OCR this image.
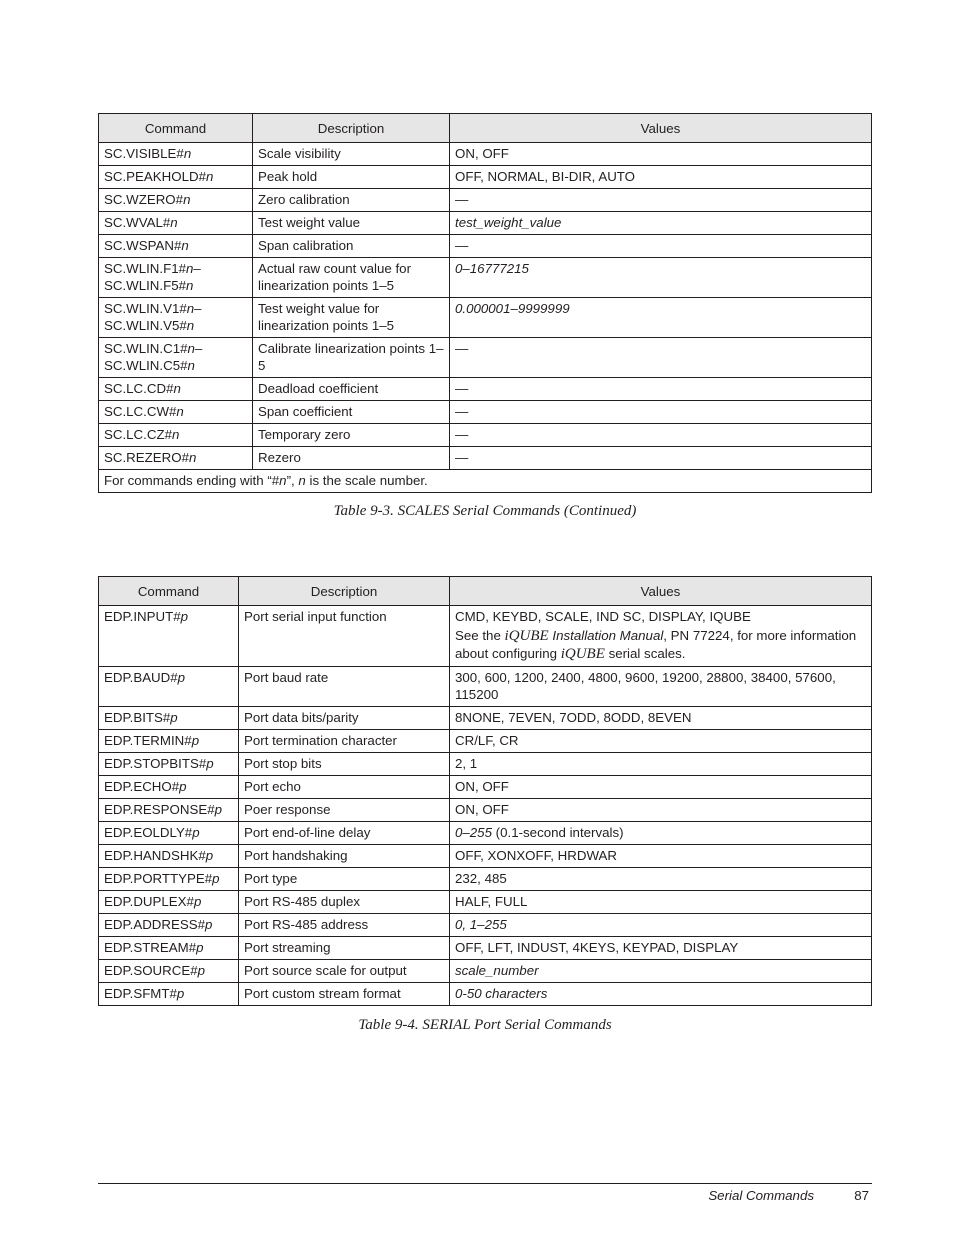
Command	Description	Values
SC.VISIBLE#n	Scale visibility	ON, OFF
SC.PEAKHOLD#n	Peak hold	OFF, NORMAL, BI-DIR, AUTO
SC.WZERO#n	Zero calibration	—
SC.WVAL#n	Test weight value	test_weight_value
SC.WSPAN#n	Span calibration	—
SC.WLIN.F1#n–
SC.WLIN.F5#n	Actual raw count value for linearization points 1–5	0–16777215
SC.WLIN.V1#n–
SC.WLIN.V5#n	Test weight value for linearization points 1–5	0.000001–9999999
SC.WLIN.C1#n–
SC.WLIN.C5#n	Calibrate linearization points 1–5	—
SC.LC.CD#n	Deadload coefficient	—
SC.LC.CW#n	Span coefficient	—
SC.LC.CZ#n	Temporary zero	—
SC.REZERO#n	Rezero	—
For commands ending with “#n”, n is the scale number.		
Table 9-3. SCALES Serial Commands (Continued)
Command	Description	Values
EDP.INPUT#p	Port serial input function	CMD, KEYBD, SCALE, IND SC, DISPLAY, IQUBE
See the iQUBE Installation Manual, PN 77224, for more information
about configuring iQUBE serial scales.

EDP.BAUD#p	Port baud rate	300, 600, 1200, 2400, 4800, 9600, 19200, 28800, 38400, 57600, 115200
EDP.BITS#p	Port data bits/parity	8NONE, 7EVEN, 7ODD, 8ODD, 8EVEN
EDP.TERMIN#p	Port termination character	CR/LF, CR
EDP.STOPBITS#p	Port stop bits	2, 1
EDP.ECHO#p	Port echo	ON, OFF
EDP.RESPONSE#p	Poer response	ON, OFF
EDP.EOLDLY#p	Port end-of-line delay	0–255 (0.1-second intervals)
EDP.HANDSHK#p	Port handshaking	OFF, XONXOFF, HRDWAR
EDP.PORTTYPE#p	Port type	232, 485
EDP.DUPLEX#p	Port RS-485 duplex	HALF, FULL
EDP.ADDRESS#p	Port RS-485 address	0, 1–255
EDP.STREAM#p	Port streaming	OFF, LFT, INDUST, 4KEYS, KEYPAD, DISPLAY
EDP.SOURCE#p	Port source scale for output	scale_number
EDP.SFMT#p	Port custom stream format	0-50 characters
Table 9-4. SERIAL Port Serial Commands
Serial Commands	87
